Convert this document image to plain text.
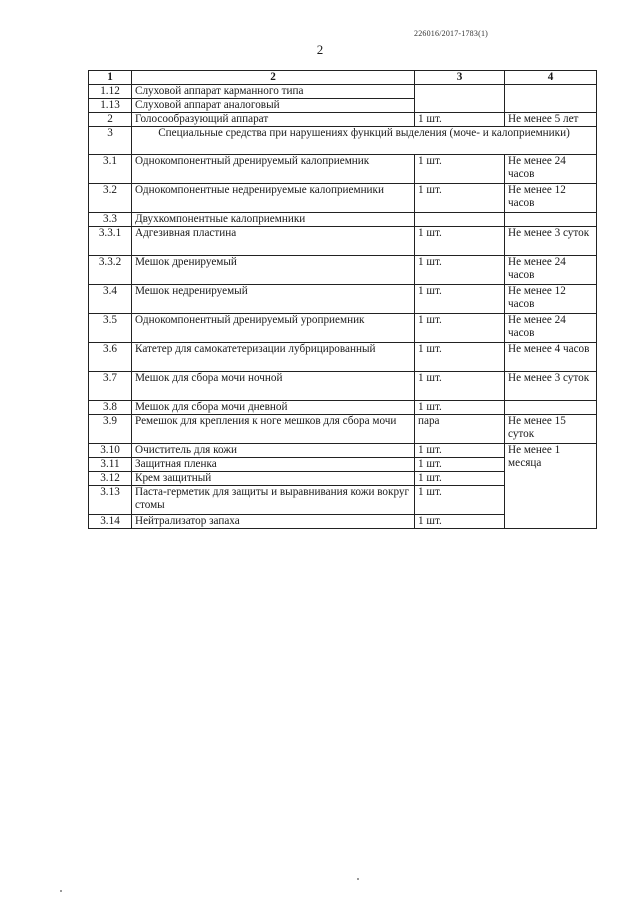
226016/2017-1783(1)
2
1	2	3	4
1.12	Слуховой аппарат карманного типа		
1.13	Слуховой аппарат аналоговый		
2	Голосообразующий аппарат	1 шт.	Не менее 5 лет
3	Специальные средства при нарушениях функций выделения (моче- и калоприемники)		
3.1	Однокомпонентный дренируемый калоприемник	1 шт.	Не менее 24 часов
3.2	Однокомпонентные недренируемые калоприемники	1 шт.	Не менее 12 часов
3.3	Двухкомпонентные калоприемники		
3.3.1	Адгезивная пластина	1 шт.	Не менее 3 суток
3.3.2	Мешок дренируемый	1 шт.	Не менее 24 часов
3.4	Мешок недренируемый	1 шт.	Не менее 12 часов
3.5	Однокомпонентный дренируемый уроприемник	1 шт.	Не менее 24 часов
3.6	Катетер для самокатетеризации лубрицированный	1 шт.	Не менее 4 часов
3.7	Мешок для сбора мочи ночной	1 шт.	Не менее 3 суток
3.8	Мешок для сбора мочи дневной	1 шт.	
3.9	Ремешок для крепления к ноге мешков для сбора мочи	пара	Не менее 15 суток
3.10	Очиститель для кожи	1 шт.	Не менее 1 месяца
3.11	Защитная пленка	1 шт.	
3.12	Крем защитный	1 шт.	
3.13	Паста-герметик для защиты и выравнивания кожи вокруг стомы	1 шт.	
3.14	Нейтрализатор запаха	1 шт.	
